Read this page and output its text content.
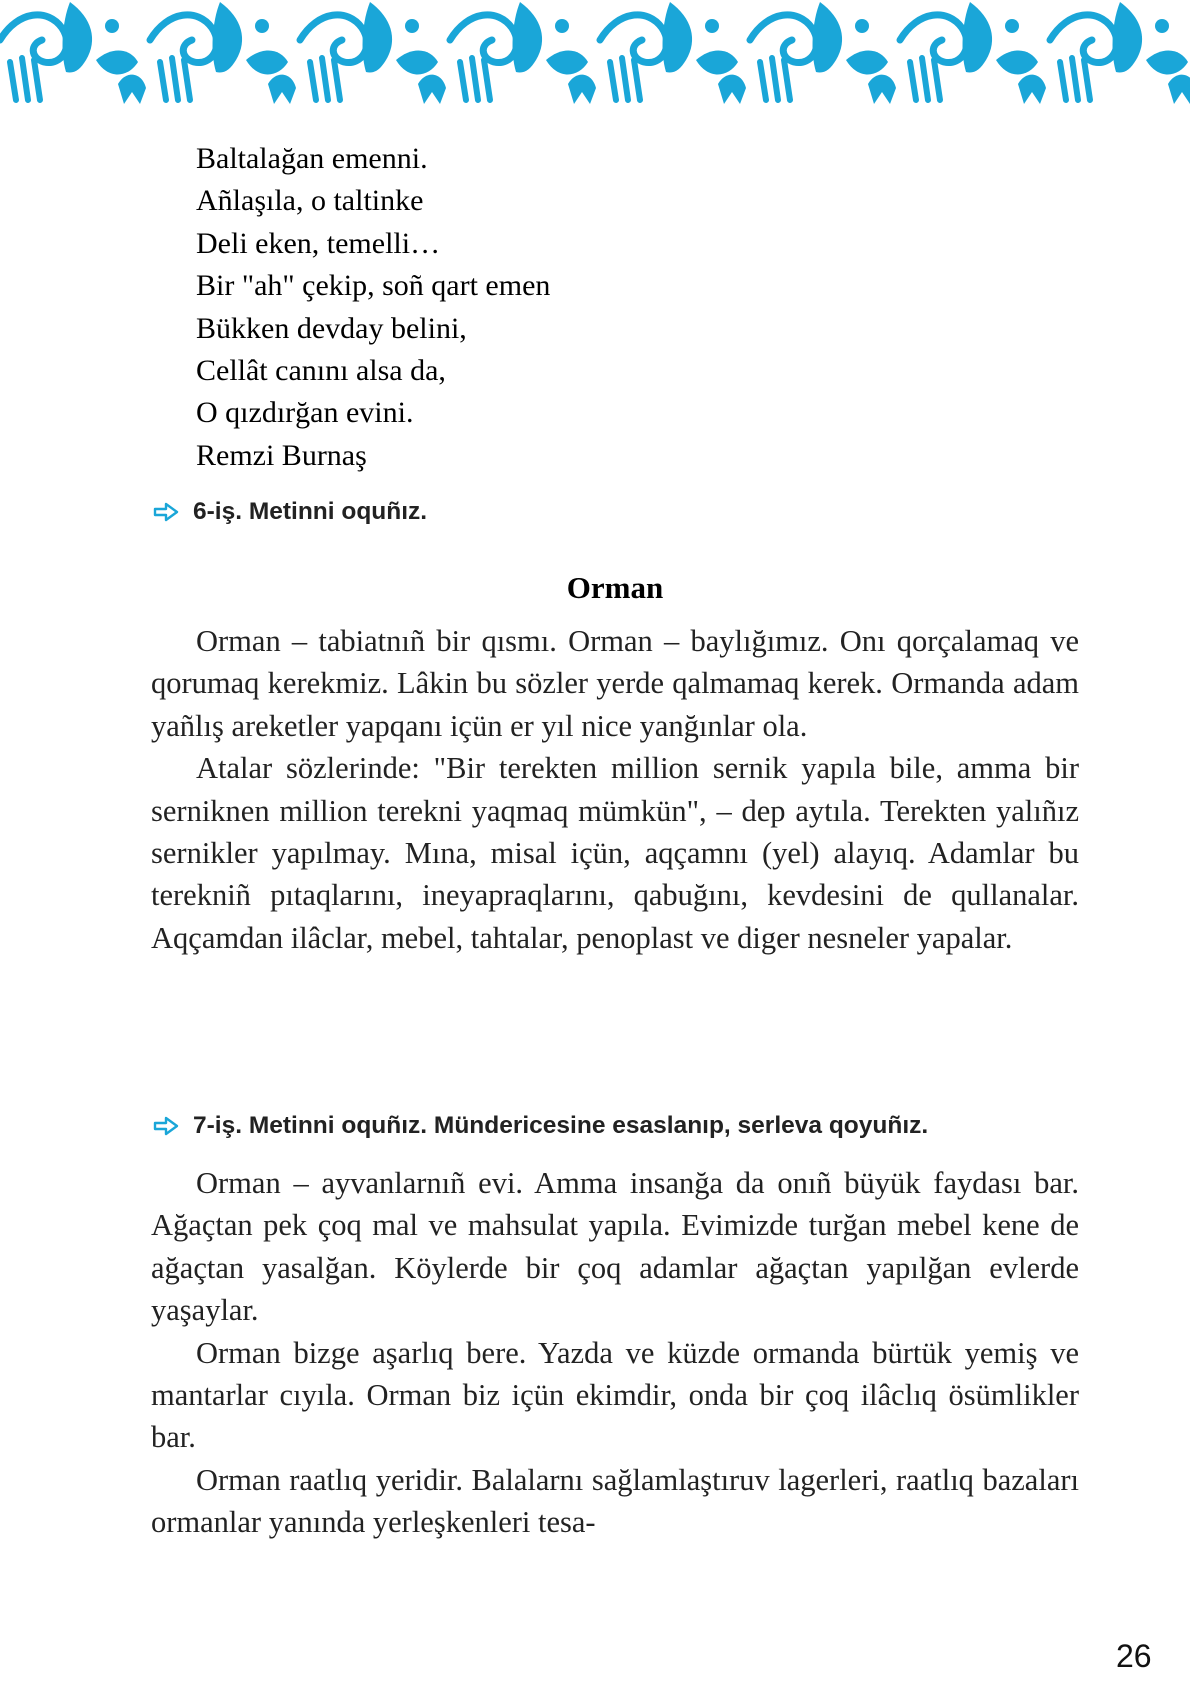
Baltalağan emenni.
Añlaşıla, o taltinke
Deli eken, temelli…
Bir "ah" çekip, soñ qart emen
Bükken devday belini,
Cellât canını alsa da,
O qızdırğan evini.
Remzi Burnaş
6-iş. Metinni oquñız.
Orman

Orman – tabiatnıñ bir qısmı. Orman – baylığımız. Onı qorçalamaq ve qorumaq kerekmiz. Lâkin bu sözler yerde qalmamaq kerek. Ormanda adam yañlış areketler yapqanı içün er yıl nice yanğınlar ola.

Atalar sözlerinde: "Bir terekten million sernik yapıla bile, amma bir serniknen million terekni yaqmaq mümkün", – dep aytıla. Terekten yalıñız sernikler yapılmay. Mına, misal içün, aqçamnı (yel) alayıq. Adamlar bu terekniñ pıtaqlarını, ineyapraqlarını, qabuğını, kevdesini de qullanalar. Aqçamdan ilâclar, mebel, tahtalar, penoplast ve diger nesneler yapalar.

7-iş. Metinni oquñız. Mündericesine esaslanıp, serleva qoyuñız.

Orman – ayvanlarnıñ evi. Amma insanğa da onıñ büyük faydası bar. Ağaçtan pek çoq mal ve mahsulat yapıla. Evimizde turğan mebel kene de ağaçtan yasalğan. Köylerde bir çoq adamlar ağaçtan yapılğan evlerde yaşaylar.

Orman bizge aşarlıq bere. Yazda ve küzde ormanda bürtük yemiş ve mantarlar cıyıla. Orman biz içün ekimdir, onda bir çoq ilâclıq ösümlikler bar.

Orman raatlıq yeridir. Balalarnı sağlamlaştıruv lagerleri, raatlıq bazaları ormanlar yanında yerleşkenleri tesa-

26
